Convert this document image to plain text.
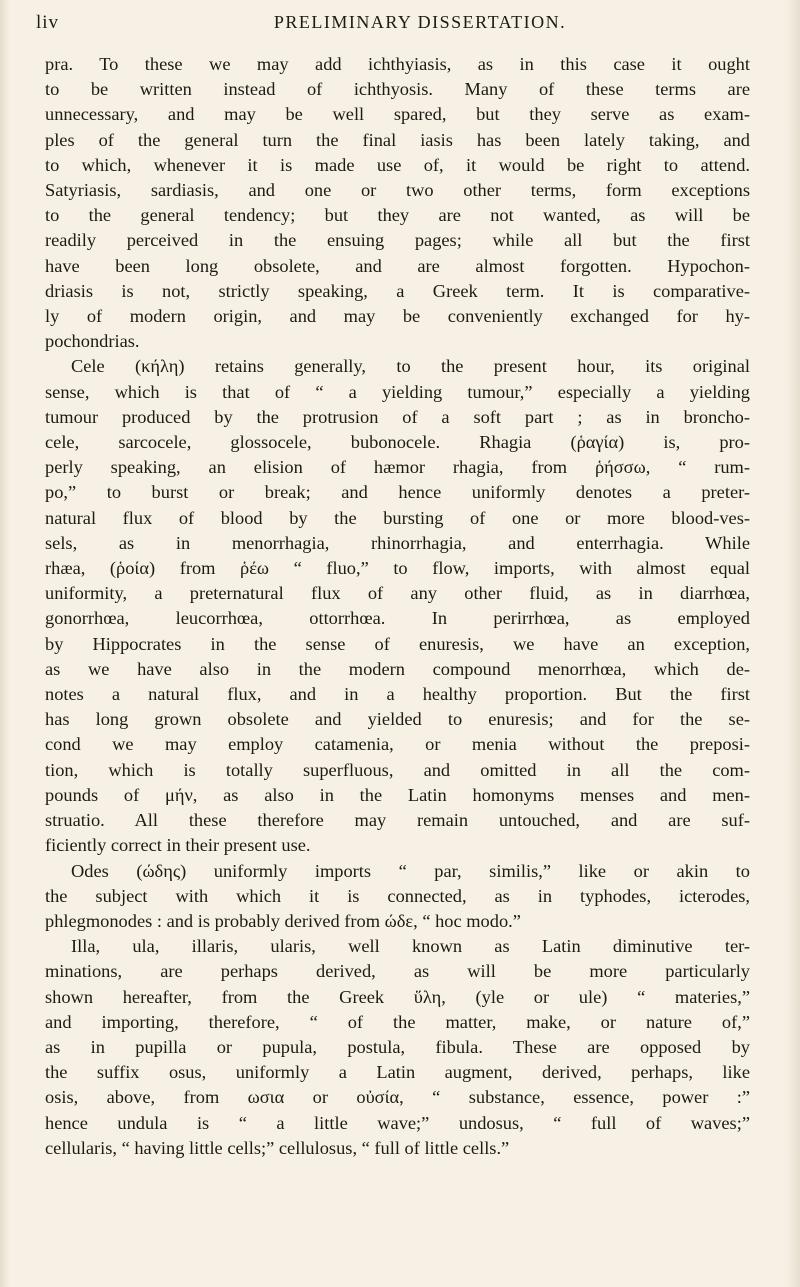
liv	PRELIMINARY DISSERTATION.

pra. To these we may add ichthyiasis, as in this case it ought
to be written instead of ichthyosis. Many of these terms are
unnecessary, and may be well spared, but they serve as exam-
ples of the general turn the final iasis has been lately taking, and
to which, whenever it is made use of, it would be right to attend.
Satyriasis, sardiasis, and one or two other terms, form exceptions
to the general tendency; but they are not wanted, as will be
readily perceived in the ensuing pages; while all but the first
have been long obsolete, and are almost forgotten. Hypochon-
driasis is not, strictly speaking, a Greek term. It is comparative-
ly of modern origin, and may be conveniently exchanged for hy-
pochondrias.

Cele (κήλη) retains generally, to the present hour, its original
sense, which is that of “ a yielding tumour,” especially a yielding
tumour produced by the protrusion of a soft part ; as in broncho-
cele, sarcocele, glossocele, bubonocele. Rhagia (ῥαγία) is, pro-
perly speaking, an elision of hæmor rhagia, from ῥήσσω, “ rum-
po,” to burst or break; and hence uniformly denotes a preter-
natural flux of blood by the bursting of one or more blood-ves-
sels, as in menorrhagia, rhinorrhagia, and enterrhagia. While
rhæa, (ῥοία) from ῥέω “ fluo,” to flow, imports, with almost equal
uniformity, a preternatural flux of any other fluid, as in diarrhœa,
gonorrhœa, leucorrhœa, ottorrhœa. In perirrhœa, as employed
by Hippocrates in the sense of enuresis, we have an exception,
as we have also in the modern compound menorrhœa, which de-
notes a natural flux, and in a healthy proportion. But the first
has long grown obsolete and yielded to enuresis; and for the se-
cond we may employ catamenia, or menia without the preposi-
tion, which is totally superfluous, and omitted in all the com-
pounds of μήν, as also in the Latin homonyms menses and men-
struatio. All these therefore may remain untouched, and are suf-
ficiently correct in their present use.

Odes (ώδης) uniformly imports “ par, similis,” like or akin to
the subject with which it is connected, as in typhodes, icterodes,
phlegmonodes : and is probably derived from ώδε, “ hoc modo.”

Illa, ula, illaris, ularis, well known as Latin diminutive ter-
minations, are perhaps derived, as will be more particularly
shown hereafter, from the Greek ὕλη, (yle or ule) “ materies,”
and importing, therefore, “ of the matter, make, or nature of,”
as in pupilla or pupula, postula, fibula. These are opposed by
the suffix osus, uniformly a Latin augment, derived, perhaps, like
osis, above, from ωσια or οὐσία, “ substance, essence, power :”
hence undula is “ a little wave;” undosus, “ full of waves;”
cellularis, “ having little cells;” cellulosus, “ full of little cells.”
